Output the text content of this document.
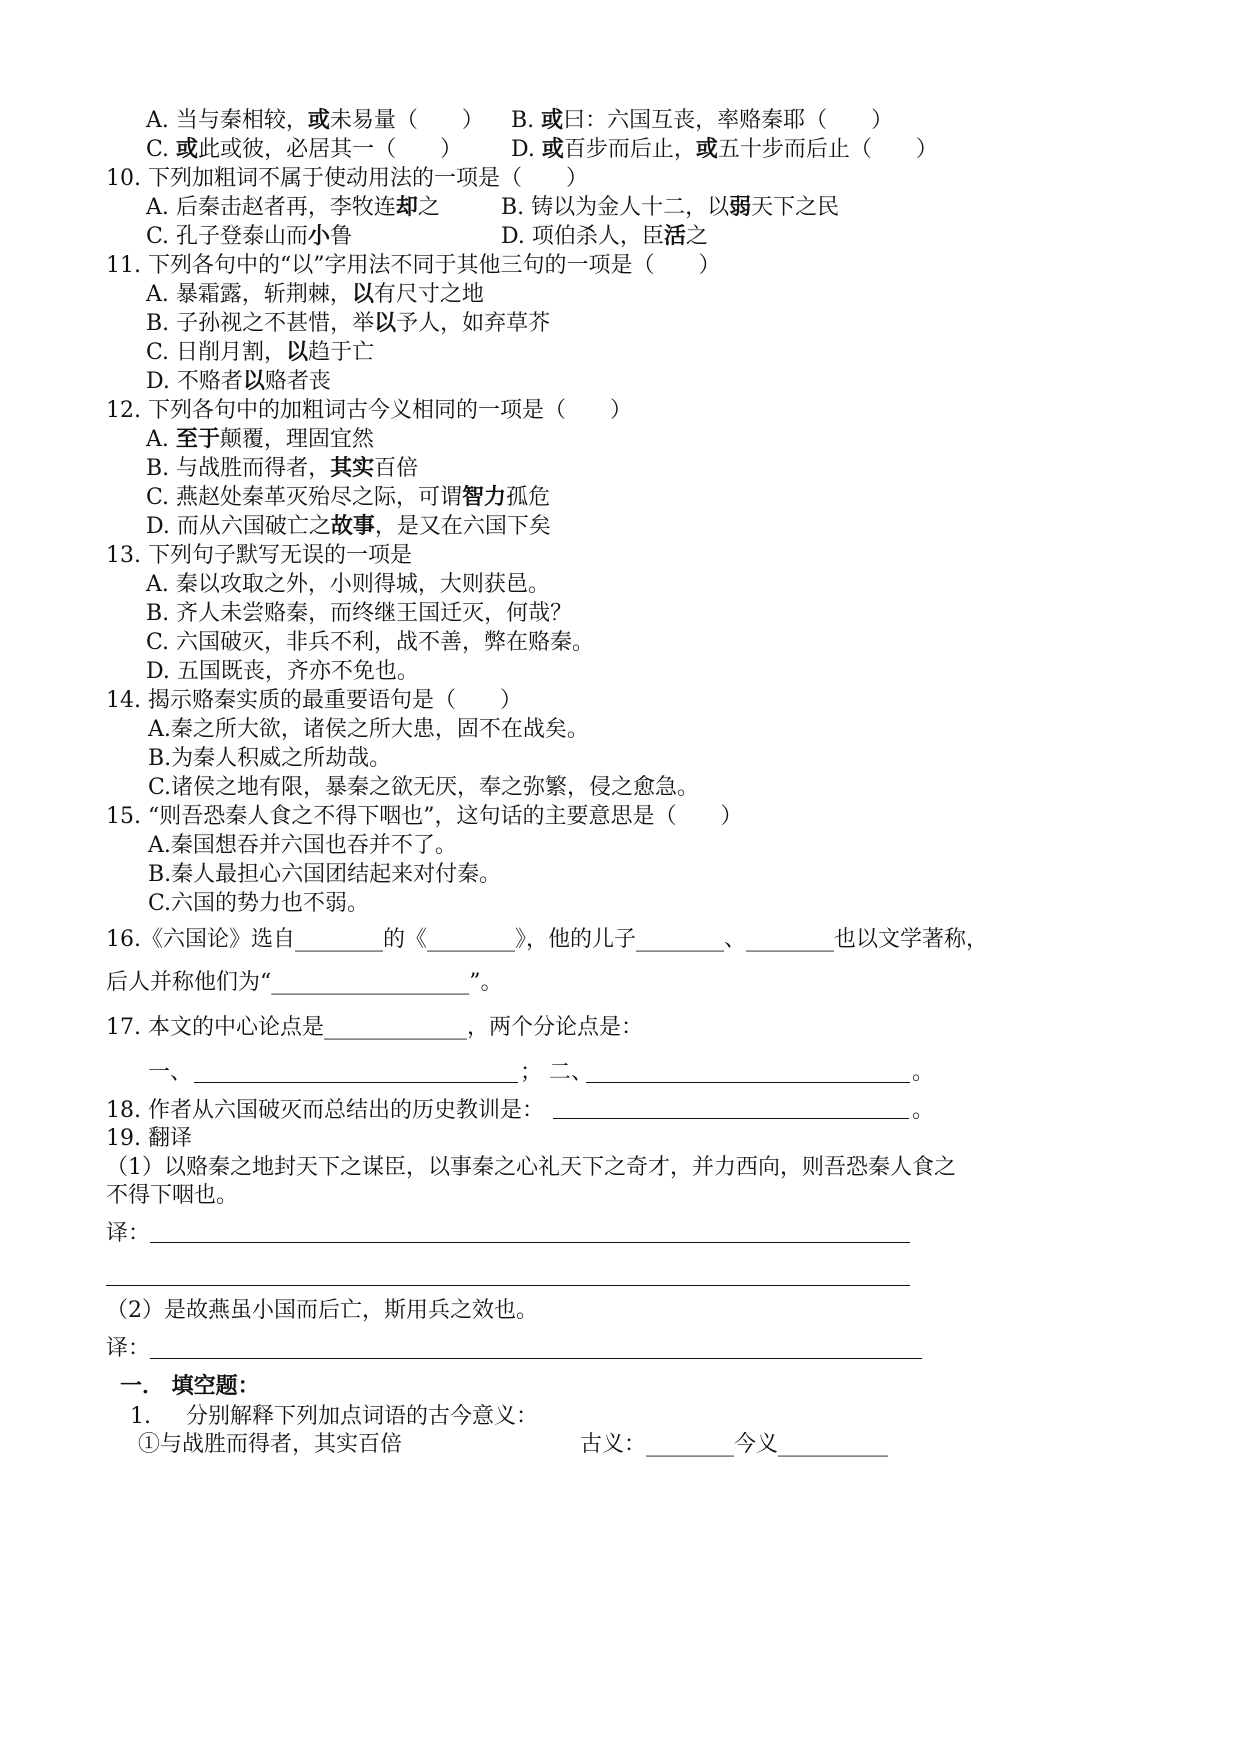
A. 当与秦相较，或未易量（　　） B. 或曰：六国互丧，率赂秦耶（　　）
C. 或此或彼，必居其一（　　） D. 或百步而后止，或五十步而后止（　　）
10. 下列加粗词不属于使动用法的一项是（　　）
A. 后秦击赵者再，李牧连却之	B. 铸以为金人十二，以弱天下之民
C. 孔子登泰山而小鲁	D. 项伯杀人，臣活之
11. 下列各句中的“以”字用法不同于其他三句的一项是（　　）
A. 暴霜露，斩荆棘，以有尺寸之地
B. 子孙视之不甚惜，举以予人，如弃草芥
C. 日削月割，以趋于亡
D. 不赂者以赂者丧
12. 下列各句中的加粗词古今义相同的一项是（　　）
A. 至于颠覆，理固宜然
B. 与战胜而得者，其实百倍
C. 燕赵处秦革灭殆尽之际，可谓智力孤危
D. 而从六国破亡之故事，是又在六国下矣
13. 下列句子默写无误的一项是
A. 秦以攻取之外，小则得城，大则获邑。
B. 齐人未尝赂秦，而终继王国迁灭，何哉？
C. 六国破灭，非兵不利，战不善，弊在赂秦。
D. 五国既丧，齐亦不免也。
14. 揭示赂秦实质的最重要语句是（　　）
A.秦之所大欲，诸侯之所大患，固不在战矣。
B.为秦人积威之所劫哉。
C.诸侯之地有限，暴秦之欲无厌，奉之弥繁，侵之愈急。
15. “则吾恐秦人食之不得下咽也”，这句话的主要意思是（　　）
A.秦国想吞并六国也吞并不了。
B.秦人最担心六国团结起来对付秦。
C.六国的势力也不弱。
16.《六国论》选自________的《________》，他的儿子________、________也以文学著称，
后人并称他们为“__________________”。
17. 本文的中心论点是_____________，两个分论点是：
一、	； 二、	。
18. 作者从六国破灭而总结出的历史教训是：	。
19. 翻译
（1）以赂秦之地封天下之谋臣，以事秦之心礼天下之奇才，并力西向，则吾恐秦人食之
不得下咽也。
译：
（2）是故燕虽小国而后亡，斯用兵之效也。
译：
一． 填空题：
1. 分别解释下列加点词语的古今意义：
①与战胜而得者，其实百倍	古义：________今义__________
